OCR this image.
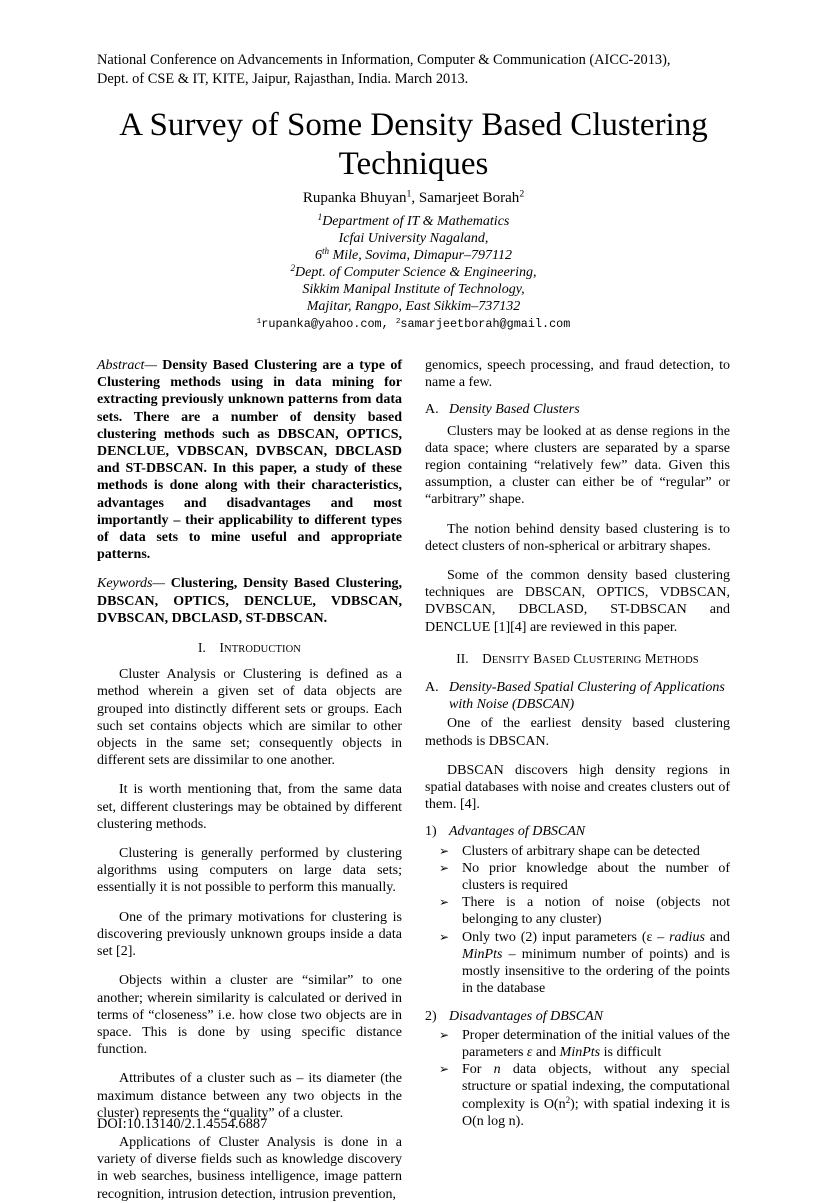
National Conference on Advancements in Information, Computer & Communication (AICC-2013),
Dept. of CSE & IT, KITE, Jaipur, Rajasthan, India. March 2013.
A Survey of Some Density Based Clustering
Techniques
Rupanka Bhuyan$^1$, Samarjeet Borah$^2$
$^1$Department of IT & Mathematics
Icfai University Nagaland,
6th Mile, Sovima, Dimapur–797112
$^2$Dept. of Computer Science & Engineering,
Sikkim Manipal Institute of Technology,
Majitar, Rangpo, East Sikkim–737132
$^1$rupanka@yahoo.com, $^2$samarjeetborah@gmail.com

Abstract— Density Based Clustering are a type of Clustering methods using in data mining for extracting previously unknown patterns from data sets. There are a number of density based clustering methods such as DBSCAN, OPTICS, DENCLUE, VDBSCAN, DVBSCAN, DBCLASD and ST-DBSCAN. In this paper, a study of these methods is done along with their characteristics, advantages and disadvantages and most importantly – their applicability to different types of data sets to mine useful and appropriate patterns.

Keywords— Clustering, Density Based Clustering, DBSCAN, OPTICS, DENCLUE, VDBSCAN, DVBSCAN, DBCLASD, ST-DBSCAN.

I. INTRODUCTION

Cluster Analysis or Clustering is defined as a method wherein a given set of data objects are grouped into distinctly different sets or groups. Each such set contains objects which are similar to other objects in the same set; consequently objects in different sets are dissimilar to one another.

It is worth mentioning that, from the same data set, different clusterings may be obtained by different clustering methods.

Clustering is generally performed by clustering algorithms using computers on large data sets; essentially it is not possible to perform this manually.

One of the primary motivations for clustering is discovering previously unknown groups inside a data set [2].

Objects within a cluster are “similar” to one another; wherein similarity is calculated or derived in terms of “closeness” i.e. how close two objects are in space. This is done by using specific distance function.

Attributes of a cluster such as – its diameter (the maximum distance between any two objects in the cluster) represents the “quality” of a cluster.

Applications of Cluster Analysis is done in a variety of diverse fields such as knowledge discovery in web searches, business intelligence, image pattern recognition, intrusion detection, intrusion prevention,

genomics, speech processing, and fraud detection, to name a few.

A. Density Based Clusters

Clusters may be looked at as dense regions in the data space; where clusters are separated by a sparse region containing “relatively few” data. Given this assumption, a cluster can either be of “regular” or “arbitrary” shape.

The notion behind density based clustering is to detect clusters of non-spherical or arbitrary shapes.

Some of the common density based clustering techniques are DBSCAN, OPTICS, VDBSCAN, DVBSCAN, DBCLASD, ST-DBSCAN and DENCLUE [1][4] are reviewed in this paper.

II. DENSITY BASED CLUSTERING METHODS

A. Density-Based Spatial Clustering of Applications with Noise (DBSCAN)

One of the earliest density based clustering methods is DBSCAN.

DBSCAN discovers high density regions in spatial databases with noise and creates clusters out of them. [4].

1) Advantages of DBSCAN

➢ Clusters of arbitrary shape can be detected
➢ No prior knowledge about the number of clusters is required
➢ There is a notion of noise (objects not belonging to any cluster)
➢ Only two (2) input parameters (ε – radius and MinPts – minimum number of points) and is mostly insensitive to the ordering of the points in the database

2) Disadvantages of DBSCAN

➢ Proper determination of the initial values of the parameters ε and MinPts is difficult
➢ For n data objects, without any special structure or spatial indexing, the computational complexity is $O(n^2)$; with spatial indexing it is O(n log n).
DOI:10.13140/2.1.4554.6887
